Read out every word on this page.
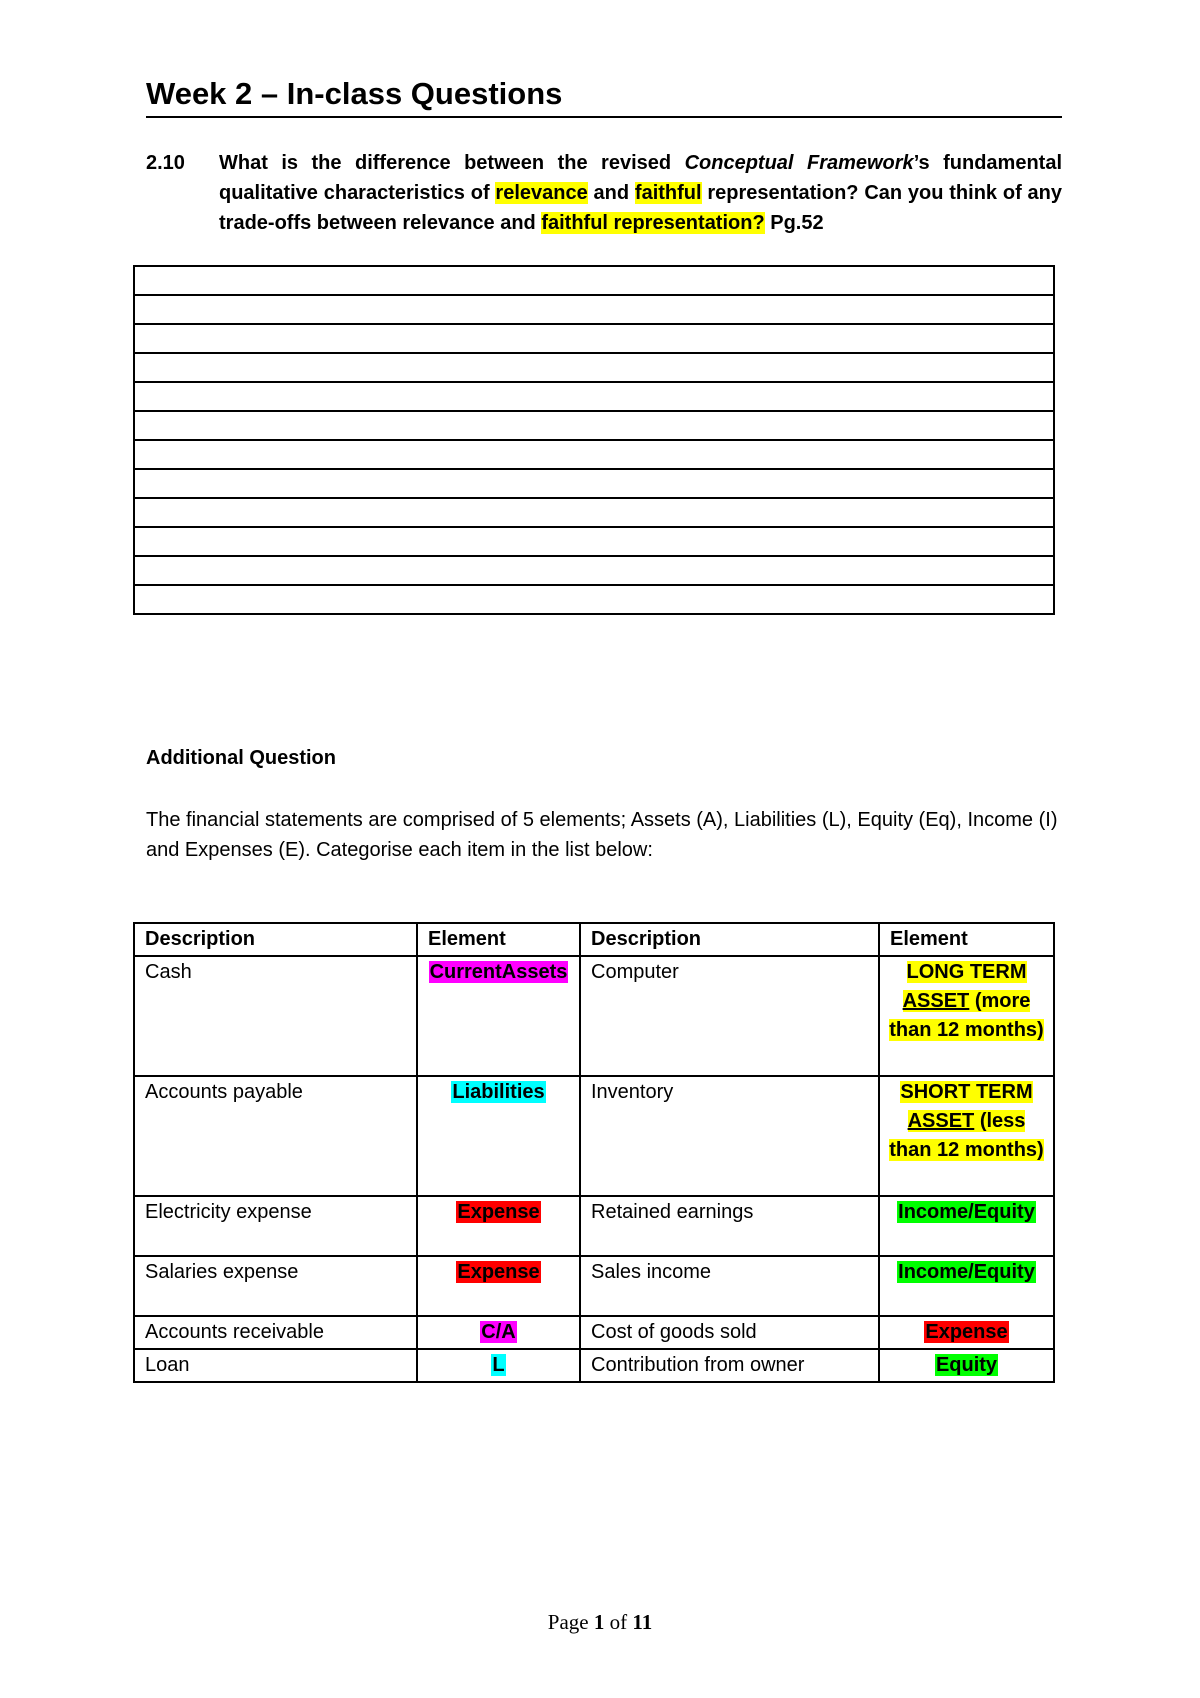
Week 2 – In-class Questions
2.10 What is the difference between the revised Conceptual Framework’s fundamental qualitative characteristics of relevance and faithful representation? Can you think of any trade-offs between relevance and faithful representation? Pg.52
Additional Question
The financial statements are comprised of 5 elements; Assets (A), Liabilities (L), Equity (Eq), Income (I) and Expenses (E). Categorise each item in the list below:
Description	Element	Description	Element
Cash	CurrentAssets	Computer	LONG TERM ASSET (more than 12 months)
Accounts payable	Liabilities	Inventory	SHORT TERM ASSET (less than 12 months)
Electricity expense	Expense	Retained earnings	Income/Equity
Salaries expense	Expense	Sales income	Income/Equity
Accounts receivable	C/A	Cost of goods sold	Expense
Loan	L	Contribution from owner	Equity
Page 1 of 11
